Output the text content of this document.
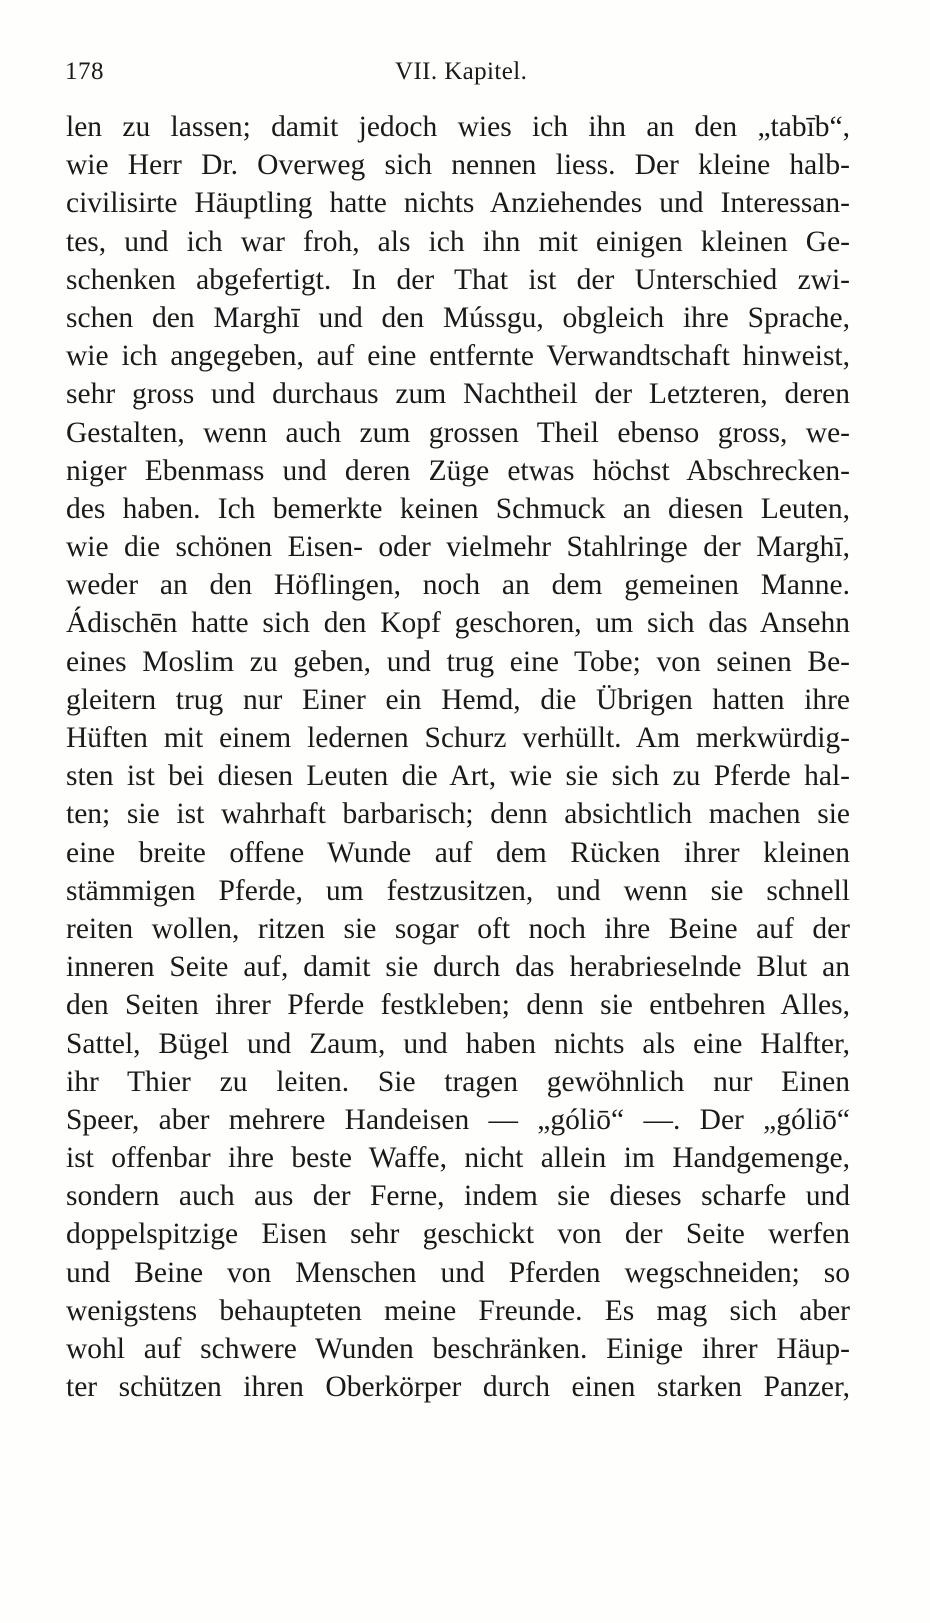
178	VII. Kapitel.
len zu lassen; damit jedoch wies ich ihn an den „tabīb“,
wie Herr Dr. Overweg sich nennen liess. Der kleine halb-
civilisirte Häuptling hatte nichts Anziehendes und Interessan-
tes, und ich war froh, als ich ihn mit einigen kleinen Ge-
schenken abgefertigt. In der That ist der Unterschied zwi-
schen den Marghī und den Mússgu, obgleich ihre Sprache,
wie ich angegeben, auf eine entfernte Verwandtschaft hinweist,
sehr gross und durchaus zum Nachtheil der Letzteren, deren
Gestalten, wenn auch zum grossen Theil ebenso gross, we-
niger Ebenmass und deren Züge etwas höchst Abschrecken-
des haben. Ich bemerkte keinen Schmuck an diesen Leuten,
wie die schönen Eisen- oder vielmehr Stahlringe der Marghī,
weder an den Höflingen, noch an dem gemeinen Manne.
Ádischēn hatte sich den Kopf geschoren, um sich das Ansehn
eines Moslim zu geben, und trug eine Tobe; von seinen Be-
gleitern trug nur Einer ein Hemd, die Übrigen hatten ihre
Hüften mit einem ledernen Schurz verhüllt. Am merkwürdig-
sten ist bei diesen Leuten die Art, wie sie sich zu Pferde hal-
ten; sie ist wahrhaft barbarisch; denn absichtlich machen sie
eine breite offene Wunde auf dem Rücken ihrer kleinen
stämmigen Pferde, um festzusitzen, und wenn sie schnell
reiten wollen, ritzen sie sogar oft noch ihre Beine auf der
inneren Seite auf, damit sie durch das herabrieselnde Blut an
den Seiten ihrer Pferde festkleben; denn sie entbehren Alles,
Sattel, Bügel und Zaum, und haben nichts als eine Halfter,
ihr Thier zu leiten. Sie tragen gewöhnlich nur Einen
Speer, aber mehrere Handeisen — „góliō“ —. Der „góliō“
ist offenbar ihre beste Waffe, nicht allein im Handgemenge,
sondern auch aus der Ferne, indem sie dieses scharfe und
doppelspitzige Eisen sehr geschickt von der Seite werfen
und Beine von Menschen und Pferden wegschneiden; so
wenigstens behaupteten meine Freunde. Es mag sich aber
wohl auf schwere Wunden beschränken. Einige ihrer Häup-
ter schützen ihren Oberkörper durch einen starken Panzer,
